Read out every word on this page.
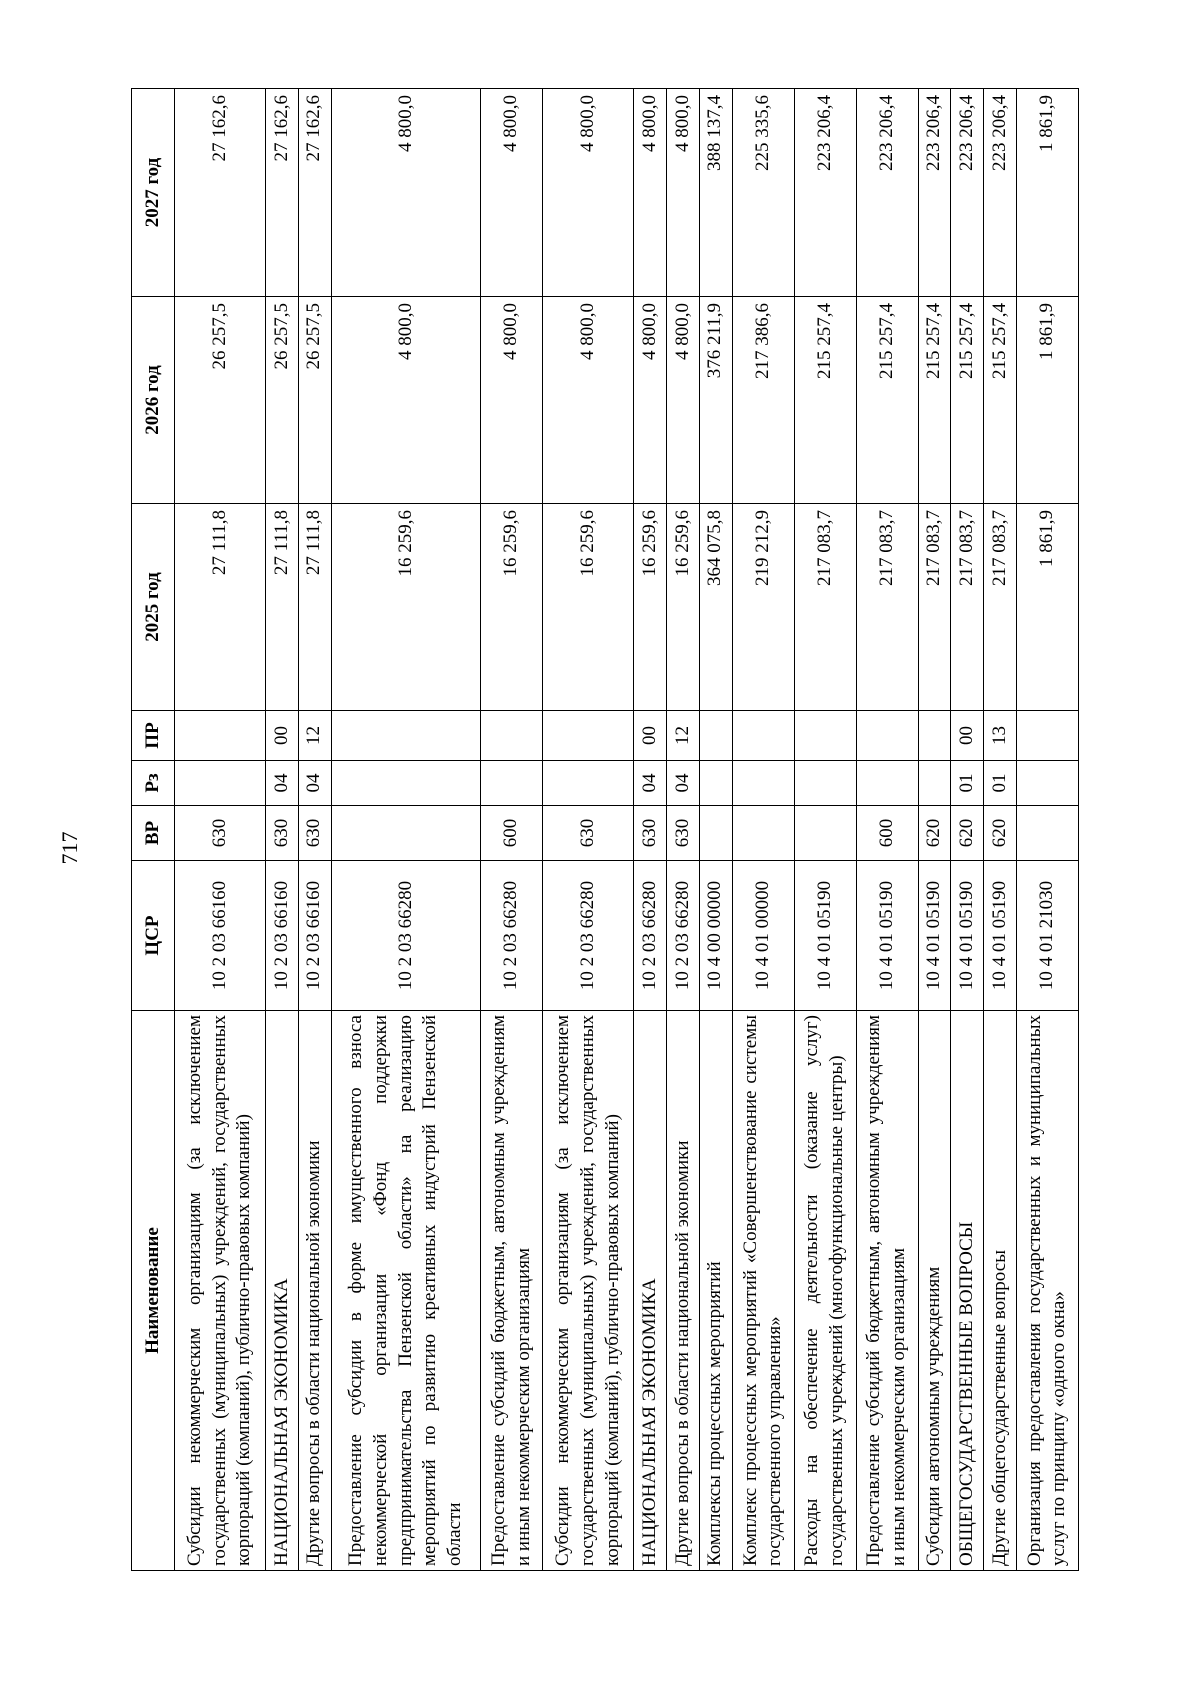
717
Наименование	ЦСР	ВР	Рз	ПР	2025 год	2026 год	2027 год
Субсидии некоммерческим организациям (за исключением государственных (муниципальных) учреждений, государственных корпораций (компаний), публично-правовых компаний)	10 2 03 66160	630			27 111,8	26 257,5	27 162,6
НАЦИОНАЛЬНАЯ ЭКОНОМИКА	10 2 03 66160	630	04	00	27 111,8	26 257,5	27 162,6
Другие вопросы в области национальной экономики	10 2 03 66160	630	04	12	27 111,8	26 257,5	27 162,6
Предоставление субсидии в форме имущественного взноса некоммерческой организации «Фонд поддержки предпринимательства Пензенской области» на реализацию мероприятий по развитию креативных индустрий Пензенской области	10 2 03 66280				16 259,6	4 800,0	4 800,0
Предоставление субсидий бюджетным, автономным учреждениям и иным некоммерческим организациям	10 2 03 66280	600			16 259,6	4 800,0	4 800,0
Субсидии некоммерческим организациям (за исключением государственных (муниципальных) учреждений, государственных корпораций (компаний), публично-правовых компаний)	10 2 03 66280	630			16 259,6	4 800,0	4 800,0
НАЦИОНАЛЬНАЯ ЭКОНОМИКА	10 2 03 66280	630	04	00	16 259,6	4 800,0	4 800,0
Другие вопросы в области национальной экономики	10 2 03 66280	630	04	12	16 259,6	4 800,0	4 800,0
Комплексы процессных мероприятий	10 4 00 00000				364 075,8	376 211,9	388 137,4
Комплекс процессных мероприятий «Совершенствование системы государственного управления»	10 4 01 00000				219 212,9	217 386,6	225 335,6
Расходы на обеспечение деятельности (оказание услуг) государственных учреждений (многофункциональные центры)	10 4 01 05190				217 083,7	215 257,4	223 206,4
Предоставление субсидий бюджетным, автономным учреждениям и иным некоммерческим организациям	10 4 01 05190	600			217 083,7	215 257,4	223 206,4
Субсидии автономным учреждениям	10 4 01 05190	620			217 083,7	215 257,4	223 206,4
ОБЩЕГОСУДАРСТВЕННЫЕ ВОПРОСЫ	10 4 01 05190	620	01	00	217 083,7	215 257,4	223 206,4
Другие общегосударственные вопросы	10 4 01 05190	620	01	13	217 083,7	215 257,4	223 206,4
Организация предоставления государственных и муниципальных услуг по принципу «одного окна»	10 4 01 21030				1 861,9	1 861,9	1 861,9
